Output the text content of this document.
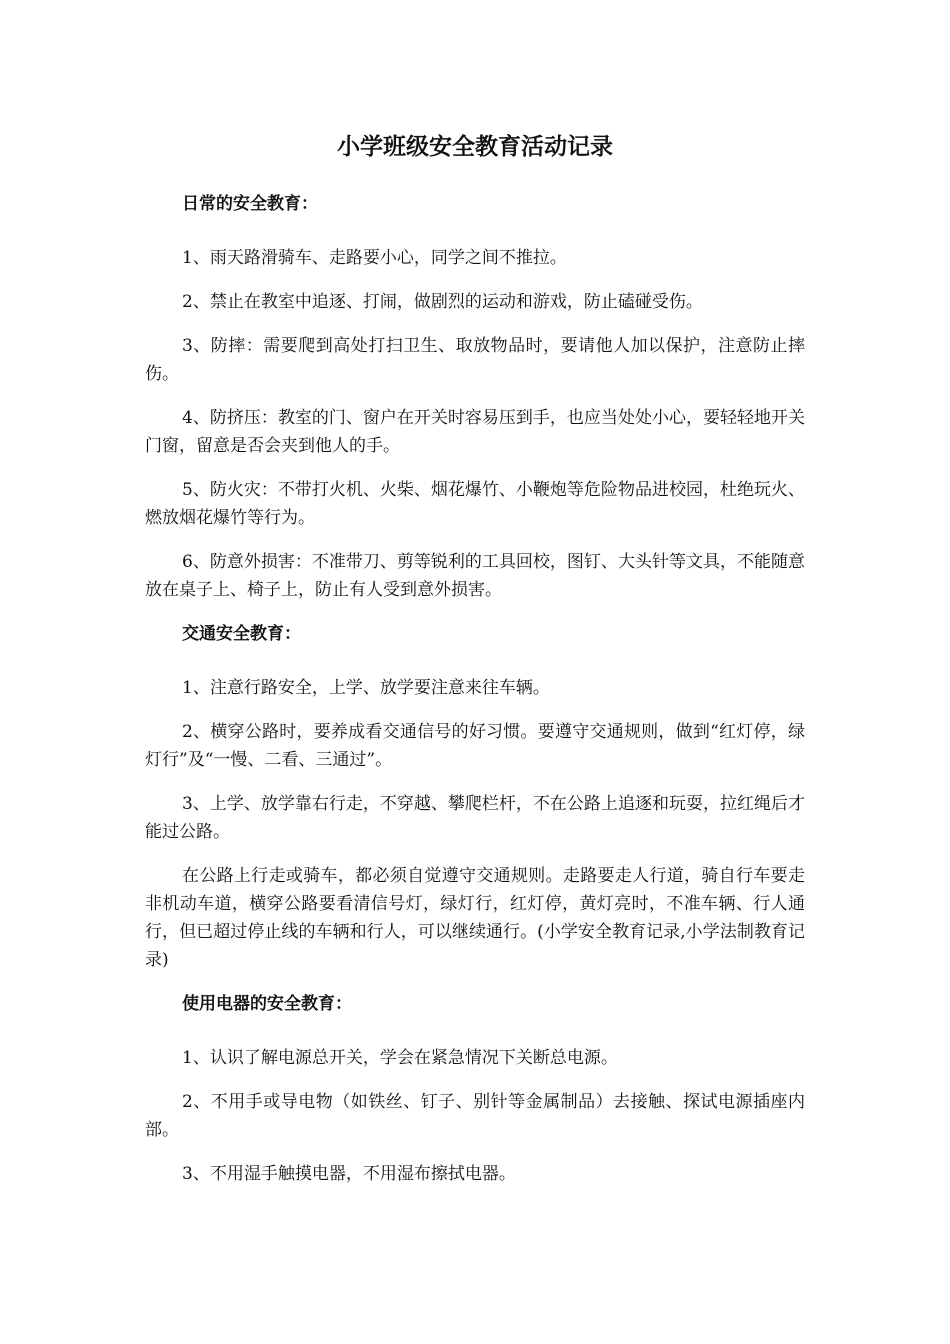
小学班级安全教育活动记录
日常的安全教育：

1、雨天路滑骑车、走路要小心，同学之间不推拉。

2、禁止在教室中追逐、打闹，做剧烈的运动和游戏，防止磕碰受伤。

3、防摔：需要爬到高处打扫卫生、取放物品时，要请他人加以保护，注意防止摔伤。

4、防挤压：教室的门、窗户在开关时容易压到手，也应当处处小心，要轻轻地开关门窗，留意是否会夹到他人的手。

5、防火灾：不带打火机、火柴、烟花爆竹、小鞭炮等危险物品进校园，杜绝玩火、燃放烟花爆竹等行为。

6、防意外损害：不准带刀、剪等锐利的工具回校，图钉、大头针等文具，不能随意放在桌子上、椅子上，防止有人受到意外损害。

交通安全教育：

1、注意行路安全，上学、放学要注意来往车辆。

2、横穿公路时，要养成看交通信号的好习惯。要遵守交通规则，做到“红灯停，绿灯行”及“一慢、二看、三通过”。

3、上学、放学靠右行走，不穿越、攀爬栏杆，不在公路上追逐和玩耍，拉红绳后才能过公路。

在公路上行走或骑车，都必须自觉遵守交通规则。走路要走人行道，骑自行车要走非机动车道，横穿公路要看清信号灯，绿灯行，红灯停，黄灯亮时，不准车辆、行人通行，但已超过停止线的车辆和行人，可以继续通行。(小学安全教育记录,小学法制教育记录)

使用电器的安全教育：

1、认识了解电源总开关，学会在紧急情况下关断总电源。

2、不用手或导电物（如铁丝、钉子、别针等金属制品）去接触、探试电源插座内部。

3、不用湿手触摸电器，不用湿布擦拭电器。
